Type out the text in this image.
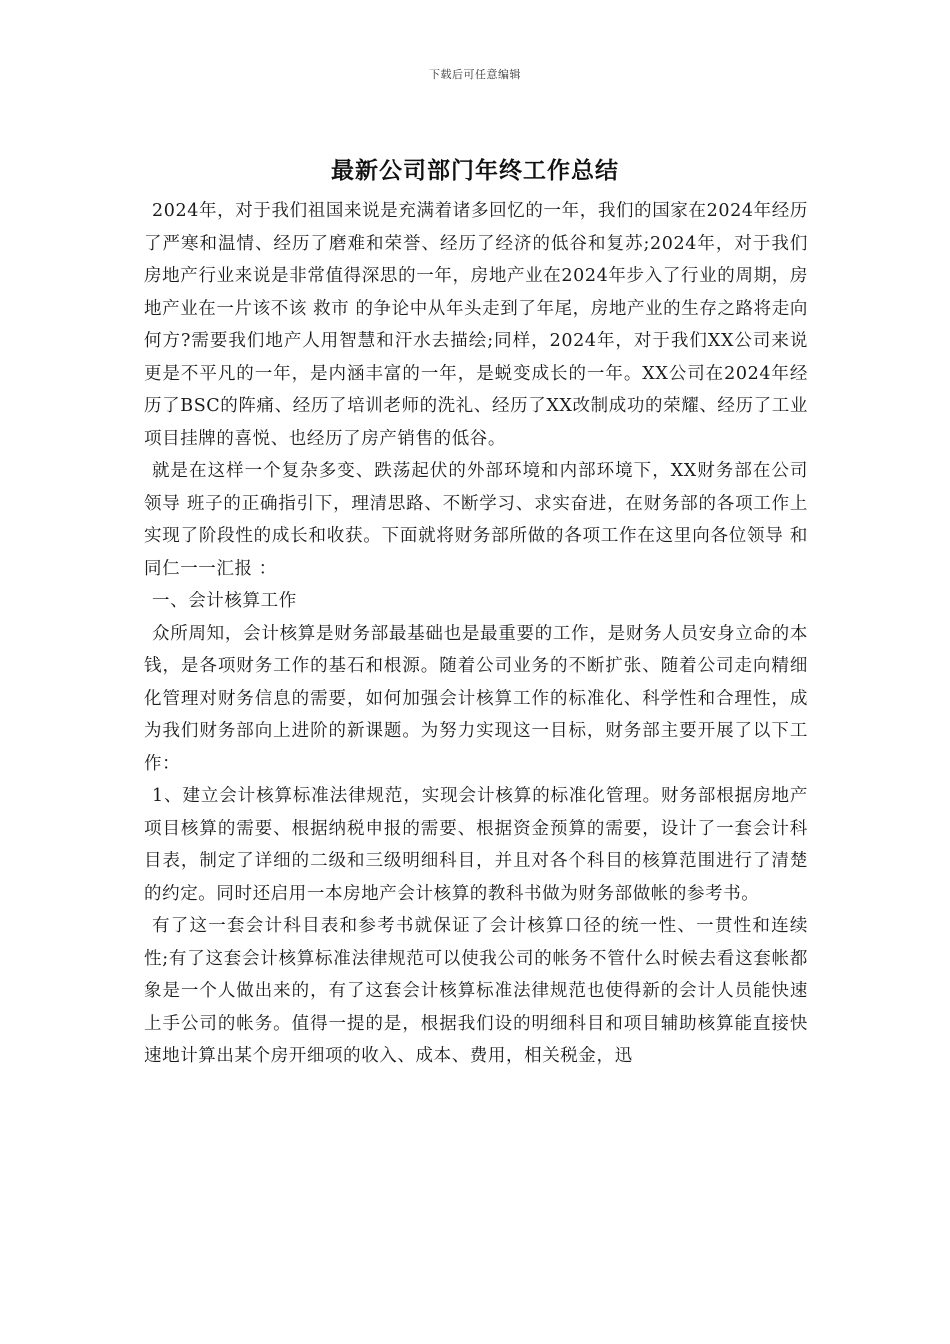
下载后可任意编辑
最新公司部门年终工作总结

2024年，对于我们祖国来说是充满着诸多回忆的一年，我们的国家在2024年经历了严寒和温情、经历了磨难和荣誉、经历了经济的低谷和复苏;2024年，对于我们房地产行业来说是非常值得深思的一年，房地产业在2024年步入了行业的周期，房地产业在一片该不该 救市 的争论中从年头走到了年尾，房地产业的生存之路将走向何方?需要我们地产人用智慧和汗水去描绘;同样，2024年，对于我们XX公司来说更是不平凡的一年，是内涵丰富的一年，是蜕变成长的一年。XX公司在2024年经历了BSC的阵痛、经历了培训老师的洗礼、经历了XX改制成功的荣耀、经历了工业项目挂牌的喜悦、也经历了房产销售的低谷。

就是在这样一个复杂多变、跌荡起伏的外部环境和内部环境下，XX财务部在公司领导 班子的正确指引下，理清思路、不断学习、求实奋进，在财务部的各项工作上实现了阶段性的成长和收获。下面就将财务部所做的各项工作在这里向各位领导 和同仁一一汇报 ：

一、会计核算工作

众所周知，会计核算是财务部最基础也是最重要的工作，是财务人员安身立命的本钱，是各项财务工作的基石和根源。随着公司业务的不断扩张、随着公司走向精细化管理对财务信息的需要，如何加强会计核算工作的标准化、科学性和合理性，成为我们财务部向上进阶的新课题。为努力实现这一目标，财务部主要开展了以下工作：

1、建立会计核算标准法律规范，实现会计核算的标准化管理。财务部根据房地产项目核算的需要、根据纳税申报的需要、根据资金预算的需要，设计了一套会计科目表，制定了详细的二级和三级明细科目，并且对各个科目的核算范围进行了清楚的约定。同时还启用一本房地产会计核算的教科书做为财务部做帐的参考书。

有了这一套会计科目表和参考书就保证了会计核算口径的统一性、一贯性和连续性;有了这套会计核算标准法律规范可以使我公司的帐务不管什么时候去看这套帐都象是一个人做出来的，有了这套会计核算标准法律规范也使得新的会计人员能快速上手公司的帐务。值得一提的是，根据我们设的明细科目和项目辅助核算能直接快速地计算出某个房开细项的收入、成本、费用，相关税金，迅
